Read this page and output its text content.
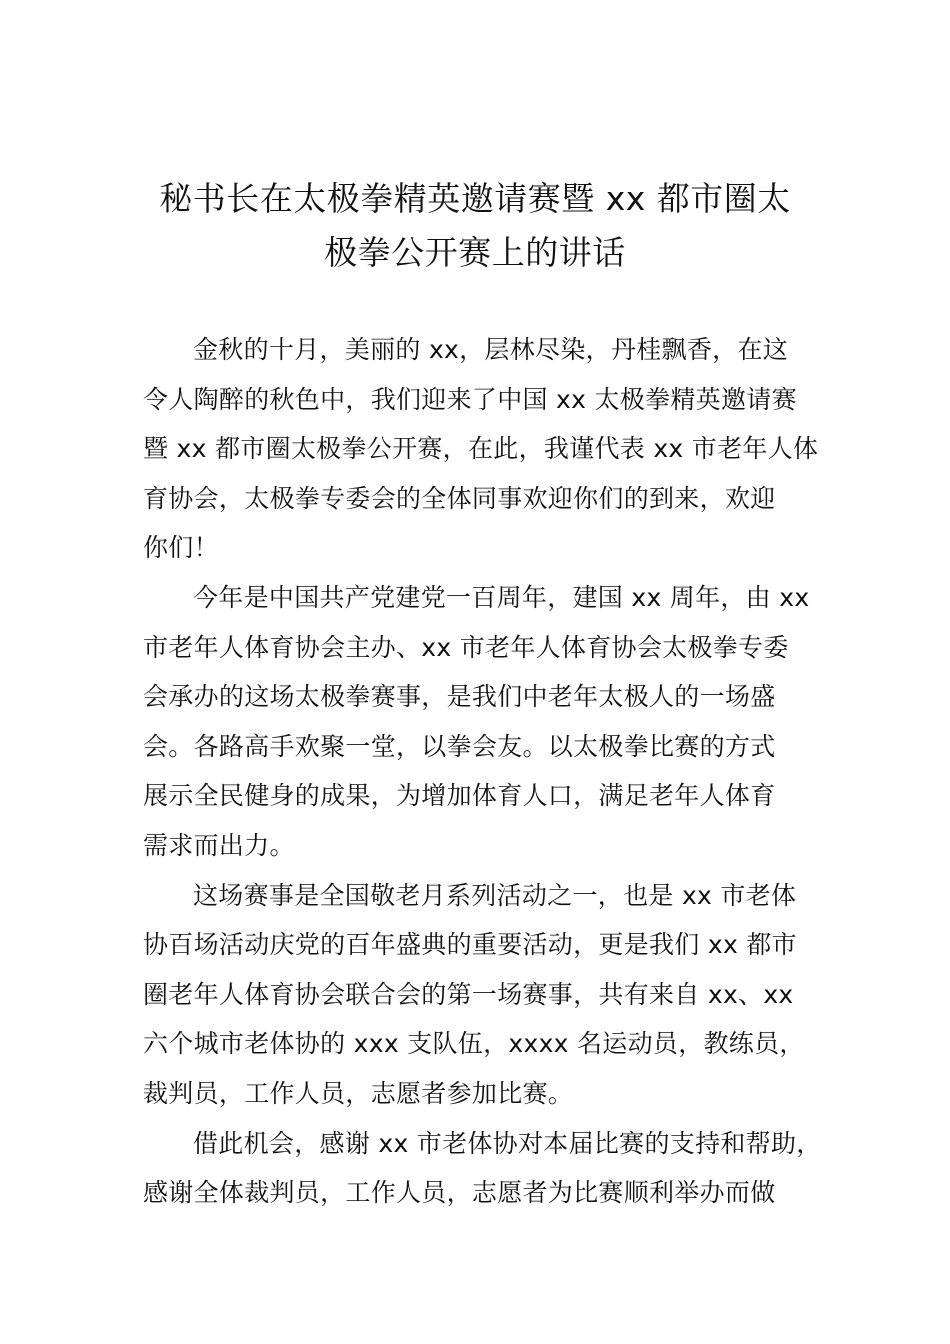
秘书长在太极拳精英邀请赛暨 xx 都市圈太
极拳公开赛上的讲话
金秋的十月，美丽的 xx，层林尽染，丹桂飘香，在这
令人陶醉的秋色中，我们迎来了中国 xx 太极拳精英邀请赛
暨 xx 都市圈太极拳公开赛，在此，我谨代表 xx 市老年人体
育协会，太极拳专委会的全体同事欢迎你们的到来，欢迎
你们！
今年是中国共产党建党一百周年，建国 xx 周年，由 xx
市老年人体育协会主办、xx 市老年人体育协会太极拳专委
会承办的这场太极拳赛事，是我们中老年太极人的一场盛
会。各路高手欢聚一堂，以拳会友。以太极拳比赛的方式
展示全民健身的成果，为增加体育人口，满足老年人体育
需求而出力。
这场赛事是全国敬老月系列活动之一，也是 xx 市老体
协百场活动庆党的百年盛典的重要活动，更是我们 xx 都市
圈老年人体育协会联合会的第一场赛事，共有来自 xx、xx
六个城市老体协的 xxx 支队伍，xxxx 名运动员，教练员，
裁判员，工作人员，志愿者参加比赛。
借此机会，感谢 xx 市老体协对本届比赛的支持和帮助，
感谢全体裁判员，工作人员，志愿者为比赛顺利举办而做
